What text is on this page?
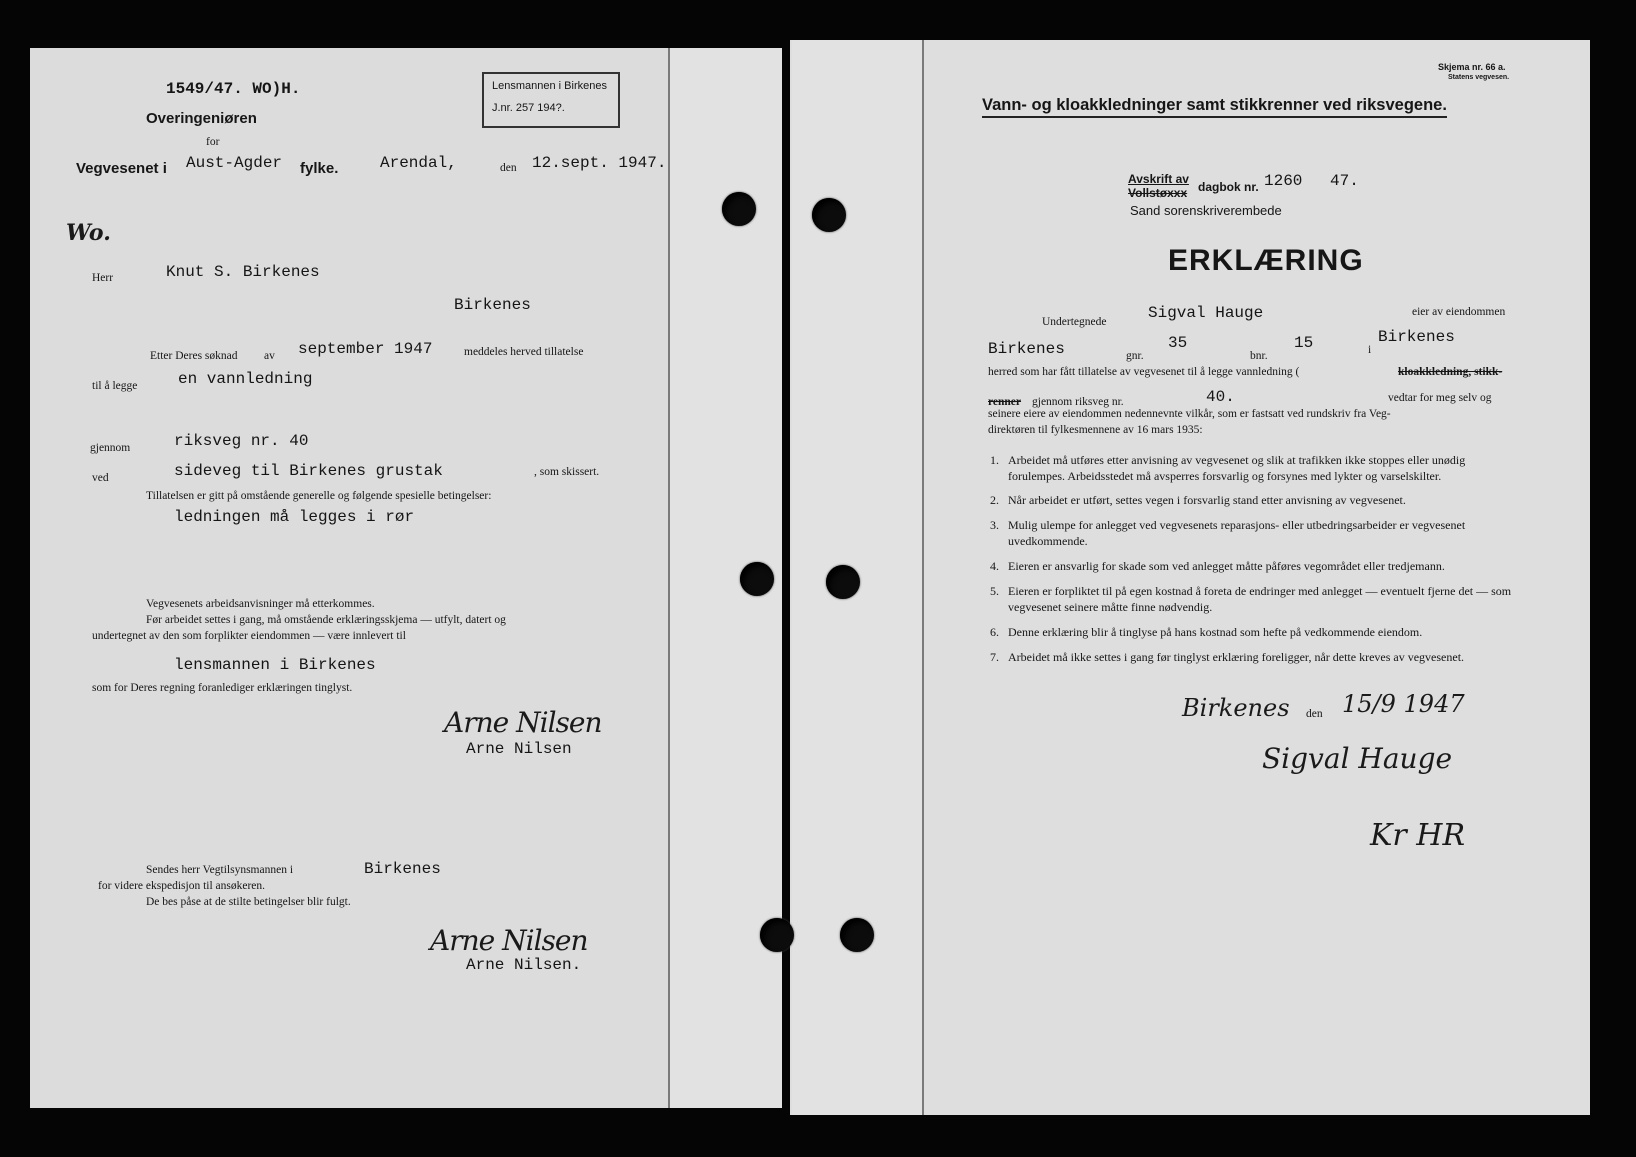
1549/47. WO)H.	Lensmannen i Birkenes
J.nr. 257 194?.
Overingeniøren
for
Vegvesenet i Aust-Agder fylke.	Arendal,	den 12.sept. 1947.
Wo.
Herr	Knut S. Birkenes
Birkenes
Etter Deres søknad av september 1947	meddeles herved tillatelse
til å legge	en vannledning
gjennom	riksveg nr. 40
ved	sideveg til Birkenes grustak	, som skissert.
Tillatelsen er gitt på omstående generelle og følgende spesielle betingelser:
ledningen må legges i rør
Vegvesenets arbeidsanvisninger må etterkommes.
Før arbeidet settes i gang, må omstående erklæringsskjema — utfylt, datert og
undertegnet av den som forplikter eiendommen — være innlevert til
lensmannen i Birkenes
som for Deres regning foranlediger erklæringen tinglyst.
Arne Nilsen
Arne Nilsen
Sendes herr Vegtilsynsmannen i	Birkenes
for videre ekspedisjon til ansøkeren.
De bes påse at de stilte betingelser blir fulgt.
Arne Nilsen
Arne Nilsen.
Skjema nr. 66 a.
Statens vegvesen.
Vann- og kloakkledninger samt stikkrenner ved riksvegene.
Avskrift av
Vollstøxxx dagbok nr. 1260 47.
Sand sorenskriverembede
ERKLÆRING
Undertegnede	Sigval Hauge	eier av eiendommen
Birkenes	gnr.
35
bnr.
15	i
Birkenes
herred som har fått tillatelse av vegvesenet til å legge vannledning (	kloakkledning, stikk-
renner gjennom riksveg nr.	40.	vedtar for meg selv og
seinere eiere av eiendommen nedennevnte vilkår, som er fastsatt ved rundskriv fra Veg-
direktøren til fylkesmennene av 16 mars 1935:
1. Arbeidet må utføres etter anvisning av vegvesenet og slik at trafikken ikke stoppes eller unødig forulempes. Arbeidsstedet må avsperres forsvarlig og forsynes med lykter og varselskilter.
2. Når arbeidet er utført, settes vegen i forsvarlig stand etter anvisning av vegvesenet.
3. Mulig ulempe for anlegget ved vegvesenets reparasjons- eller utbedringsarbeider er vegvesenet uvedkommende.
4. Eieren er ansvarlig for skade som ved anlegget måtte påføres vegområdet eller tredjemann.
5. Eieren er forpliktet til på egen kostnad å foreta de endringer med anlegget — eventuelt fjerne det — som vegvesenet seinere måtte finne nødvendig.
6. Denne erklæring blir å tinglyse på hans kostnad som hefte på vedkommende eiendom.
7. Arbeidet må ikke settes i gang før tinglyst erklæring foreligger, når dette kreves av vegvesenet.
Birkenes den 15/9 1947
Sigval Hauge
Kr HR
